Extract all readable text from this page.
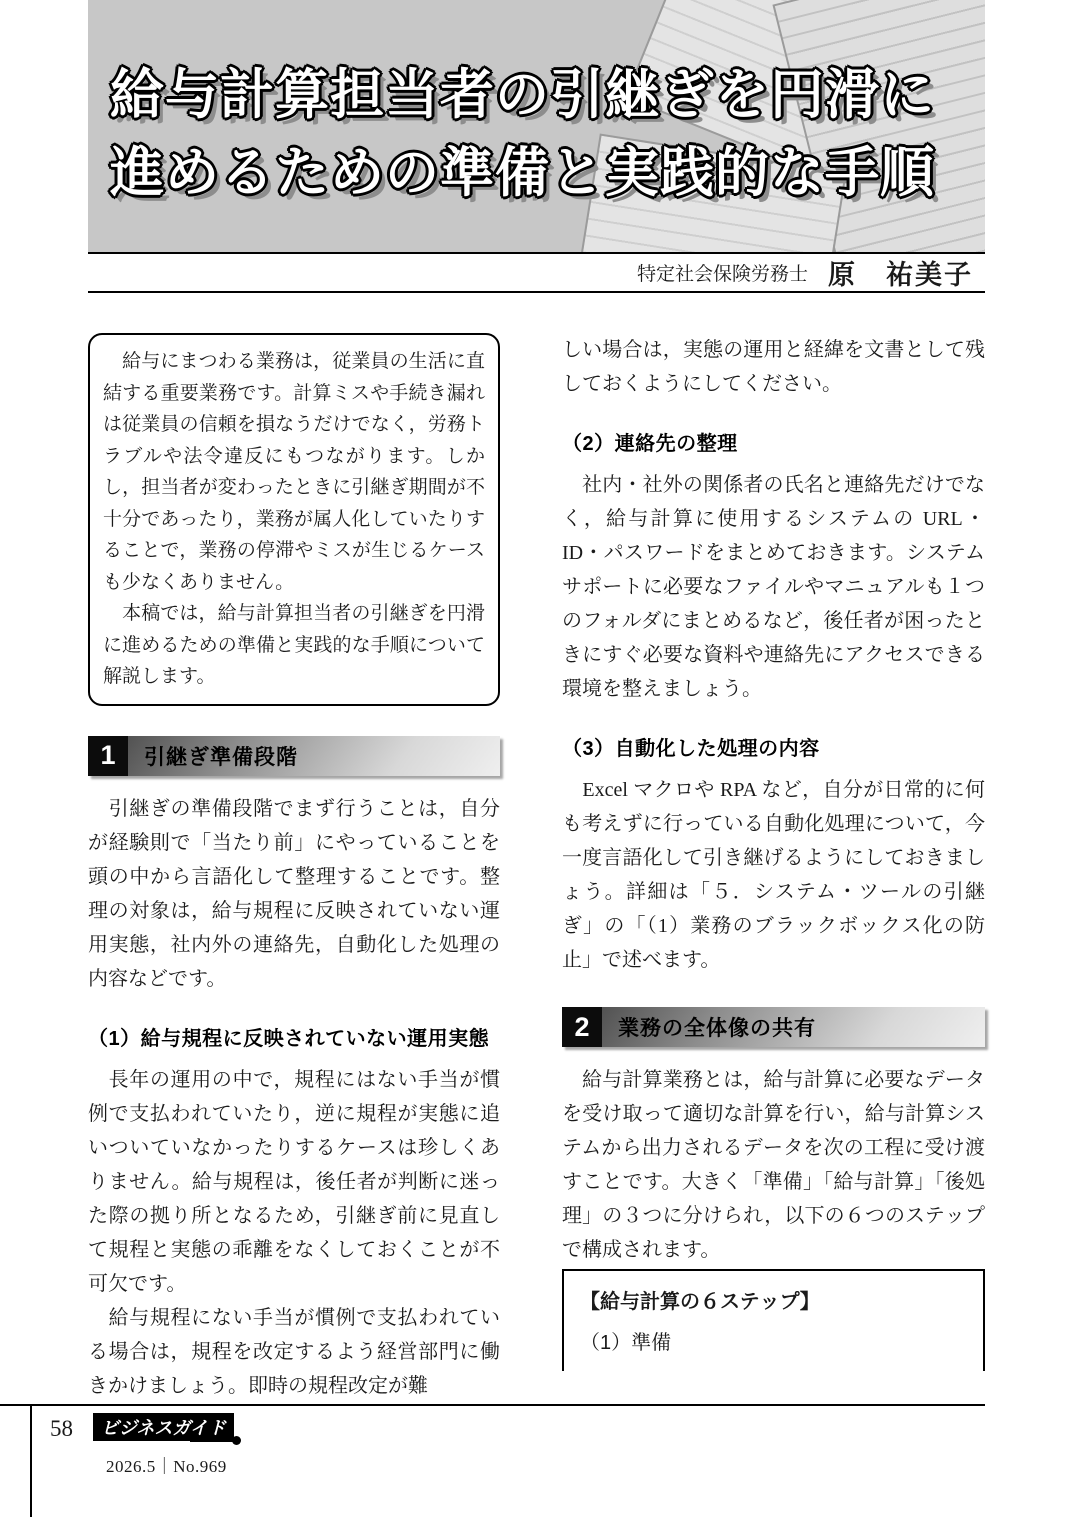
給与計算担当者の引継ぎを円滑に
進めるための準備と実践的な手順
特定社会保険労務士 原　祐美子

　給与にまつわる業務は，従業員の生活に直結する重要業務です。計算ミスや手続き漏れは従業員の信頼を損なうだけでなく，労務トラブルや法令違反にもつながります。しかし，担当者が変わったときに引継ぎ期間が不十分であったり，業務が属人化していたりすることで，業務の停滞やミスが生じるケースも少なくありません。

　本稿では，給与計算担当者の引継ぎを円滑に進めるための準備と実践的な手順について解説します。

1	引継ぎ準備段階

　引継ぎの準備段階でまず行うことは，自分が経験則で「当たり前」にやっていることを頭の中から言語化して整理することです。整理の対象は，給与規程に反映されていない運用実態，社内外の連絡先，自動化した処理の内容などです。

（1）給与規程に反映されていない運用実態

　長年の運用の中で，規程にはない手当が慣例で支払われていたり，逆に規程が実態に追いついていなかったりするケースは珍しくありません。給与規程は，後任者が判断に迷った際の拠り所となるため，引継ぎ前に見直して規程と実態の乖離をなくしておくことが不可欠です。

　給与規程にない手当が慣例で支払われている場合は，規程を改定するよう経営部門に働きかけましょう。即時の規程改定が難

しい場合は，実態の運用と経緯を文書として残しておくようにしてください。

（2）連絡先の整理

　社内・社外の関係者の氏名と連絡先だけでなく，給与計算に使用するシステムの URL・ID・パスワードをまとめておきます。システムサポートに必要なファイルやマニュアルも１つのフォルダにまとめるなど，後任者が困ったときにすぐ必要な資料や連絡先にアクセスできる環境を整えましょう。

（3）自動化した処理の内容

　Excel マクロや RPA など，自分が日常的に何も考えずに行っている自動化処理について，今一度言語化して引き継げるようにしておきましょう。詳細は「５．システム・ツールの引継ぎ」の「（1）業務のブラックボックス化の防止」で述べます。

2	業務の全体像の共有

　給与計算業務とは，給与計算に必要なデータを受け取って適切な計算を行い，給与計算システムから出力されるデータを次の工程に受け渡すことです。大きく「準備」「給与計算」「後処理」の３つに分けられ，以下の６つのステップで構成されます。

【給与計算の６ステップ】
（1）準備
58	ビジネスガイド
2026.5｜No.969
